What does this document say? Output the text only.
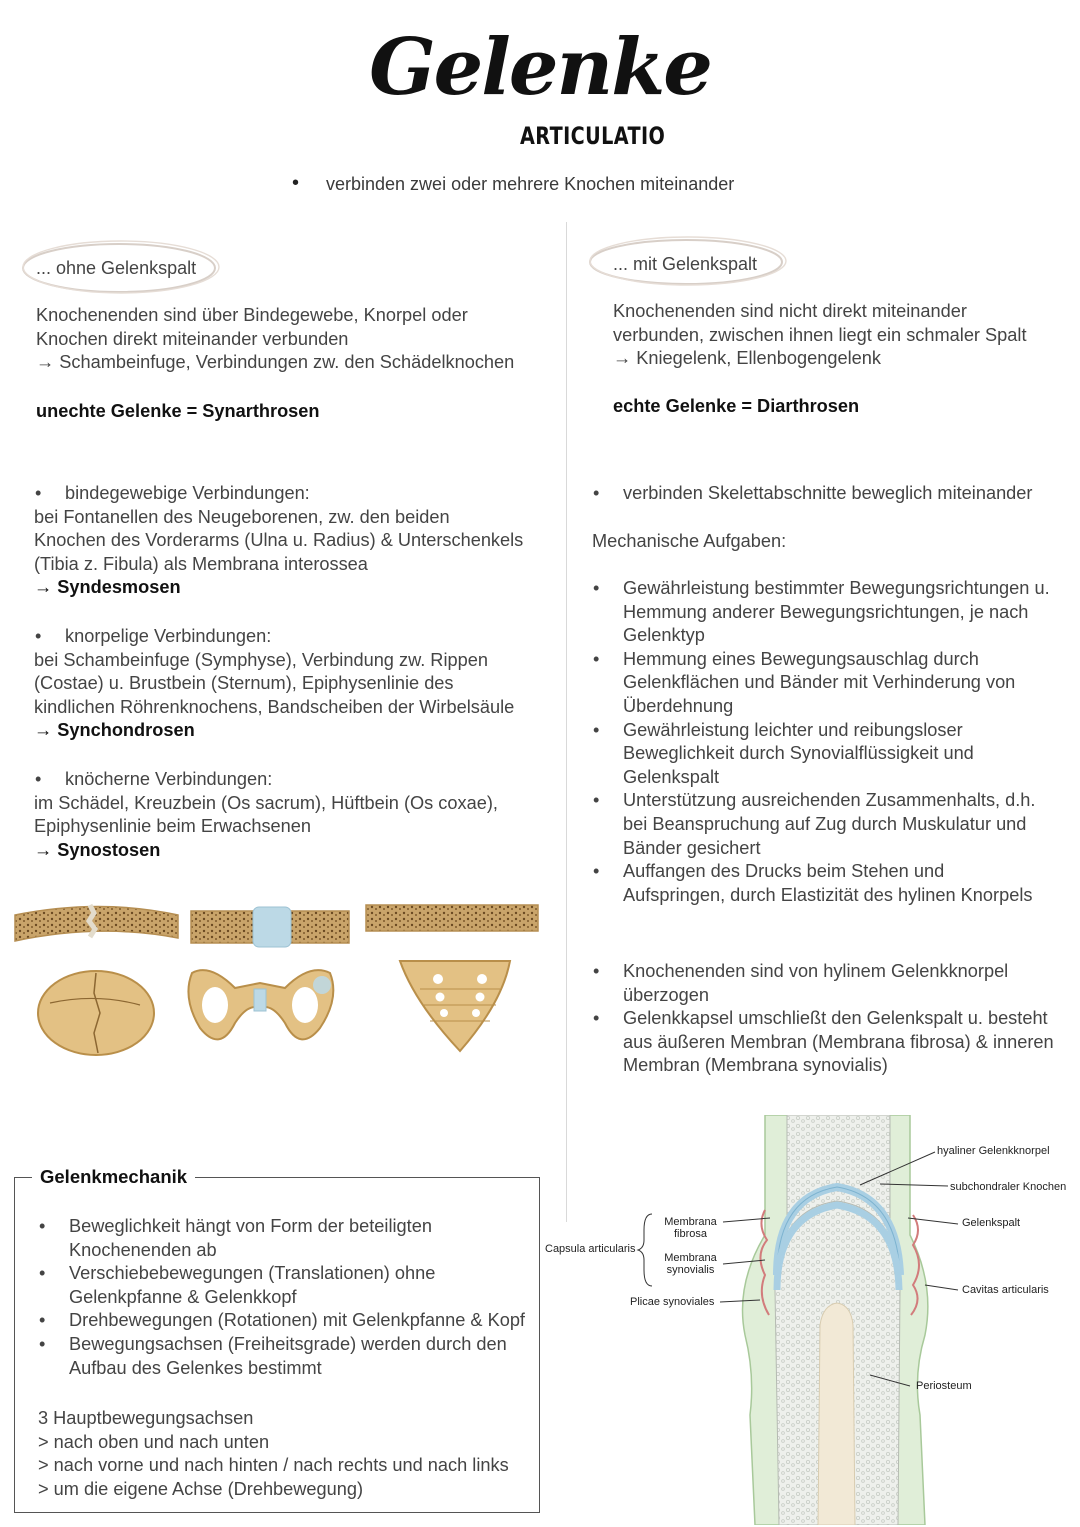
Gelenke
ARTICULATIO
• verbinden zwei oder mehrere Knochen miteinander
... ohne Gelenkspalt	... mit Gelenkspalt
Knochenenden sind über Bindegewebe, Knorpel oder
Knochen direkt miteinander verbunden
→ Schambeinfuge, Verbindungen zw. den Schädelknochen
unechte Gelenke = Synarthrosen
Knochenenden sind nicht direkt miteinander
verbunden, zwischen ihnen liegt ein schmaler Spalt
→ Kniegelenk, Ellenbogengelenk
echte Gelenke = Diarthrosen
• bindegewebige Verbindungen:
bei Fontanellen des Neugeborenen, zw. den beiden
Knochen des Vorderarms (Ulna u. Radius) & Unterschenkels
(Tibia z. Fibula) als Membrana interossea
→ Syndesmosen
• knorpelige Verbindungen:
bei Schambeinfuge (Symphyse), Verbindung zw. Rippen
(Costae) u. Brustbein (Sternum), Epiphysenlinie des
kindlichen Röhrenknochens, Bandscheiben der Wirbelsäule
→ Synchondrosen
• knöcherne Verbindungen:
im Schädel, Kreuzbein (Os sacrum), Hüftbein (Os coxae),
Epiphysenlinie beim Erwachsenen
→ Synostosen
• verbinden Skelettabschnitte beweglich miteinander
Mechanische Aufgaben:
• Gewährleistung bestimmter Bewegungsrichtungen u.
Hemmung anderer Bewegungsrichtungen, je nach
Gelenktyp
• Hemmung eines Bewegungsauschlag durch
Gelenkflächen und Bänder mit Verhinderung von
Überdehnung
• Gewährleistung leichter und reibungsloser
Beweglichkeit durch Synovialflüssigkeit und
Gelenkspalt
• Unterstützung ausreichenden Zusammenhalts, d.h.
bei Beanspruchung auf Zug durch Muskulatur und
Bänder gesichert
• Auffangen des Drucks beim Stehen und
Aufspringen, durch Elastizität des hylinen Knorpels
• Knochenenden sind von hylinem Gelenkknorpel
überzogen
• Gelenkkapsel umschließt den Gelenkspalt u. besteht
aus äußeren Membran (Membrana fibrosa) & inneren
Membran (Membrana synovialis)
Gelenkmechanik
• Beweglichkeit hängt von Form der beteiligten
Knochenenden ab
• Verschiebebewegungen (Translationen) ohne
Gelenkpfanne & Gelenkkopf
• Drehbewegungen (Rotationen) mit Gelenkpfanne & Kopf
• Bewegungsachsen (Freiheitsgrade) werden durch den
Aufbau des Gelenkes bestimmt
3 Hauptbewegungsachsen
> nach oben und nach unten
> nach vorne und nach hinten / nach rechts und nach links
> um die eigene Achse (Drehbewegung)
hyaliner Gelenkknorpel
subchondraler Knochen
Gelenkspalt
Cavitas articularis
Periosteum
Membrana
fibrosa
Membrana
synovialis
Capsula articularis
Plicae synoviales
